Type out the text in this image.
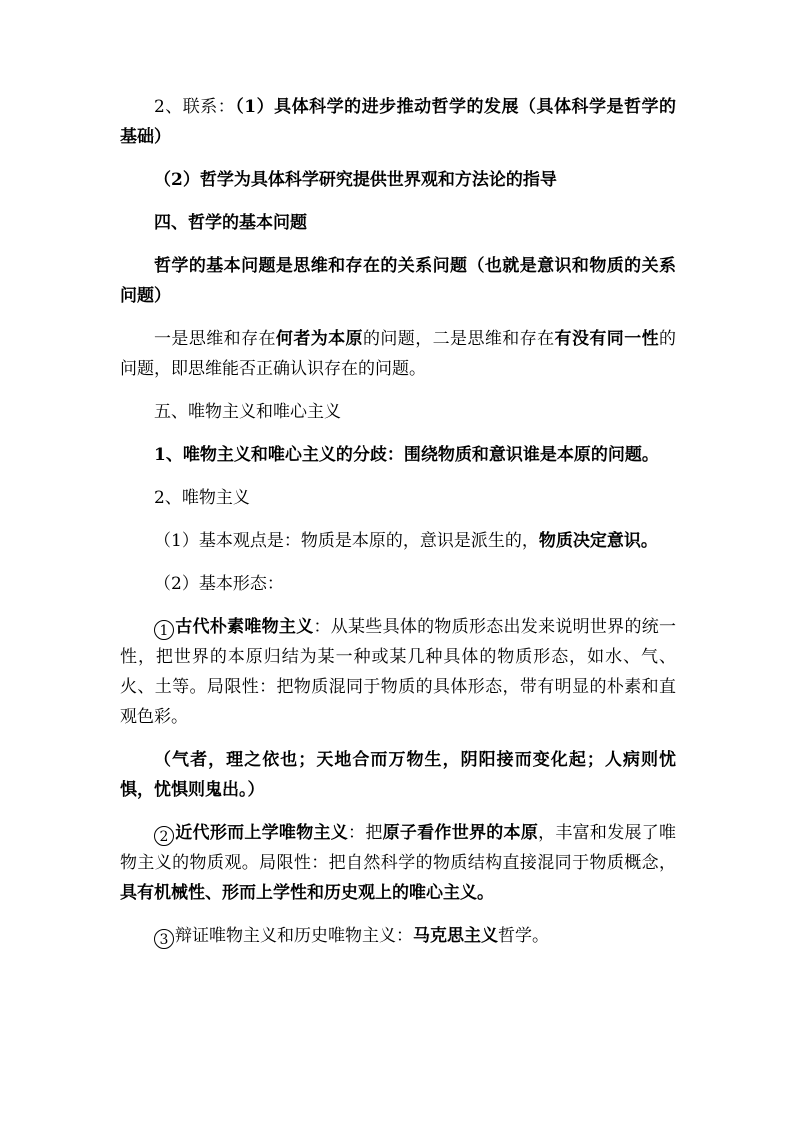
2、联系：（1）具体科学的进步推动哲学的发展（具体科学是哲学的基础）

（2）哲学为具体科学研究提供世界观和方法论的指导

四、哲学的基本问题

哲学的基本问题是思维和存在的关系问题（也就是意识和物质的关系问题）

一是思维和存在何者为本原的问题，二是思维和存在有没有同一性的问题，即思维能否正确认识存在的问题。

五、唯物主义和唯心主义

1、唯物主义和唯心主义的分歧：围绕物质和意识谁是本原的问题。

2、唯物主义

（1）基本观点是：物质是本原的，意识是派生的，物质决定意识。

（2）基本形态：

1 古代朴素唯物主义：从某些具体的物质形态出发来说明世界的统一性，把世界的本原归结为某一种或某几种具体的物质形态，如水、气、火、土等。局限性：把物质混同于物质的具体形态，带有明显的朴素和直观色彩。

（气者，理之依也；天地合而万物生，阴阳接而变化起；人病则忧惧，忧惧则鬼出。）

2 近代形而上学唯物主义：把原子看作世界的本原，丰富和发展了唯物主义的物质观。局限性：把自然科学的物质结构直接混同于物质概念，具有机械性、形而上学性和历史观上的唯心主义。

3 辩证唯物主义和历史唯物主义：马克思主义哲学。
